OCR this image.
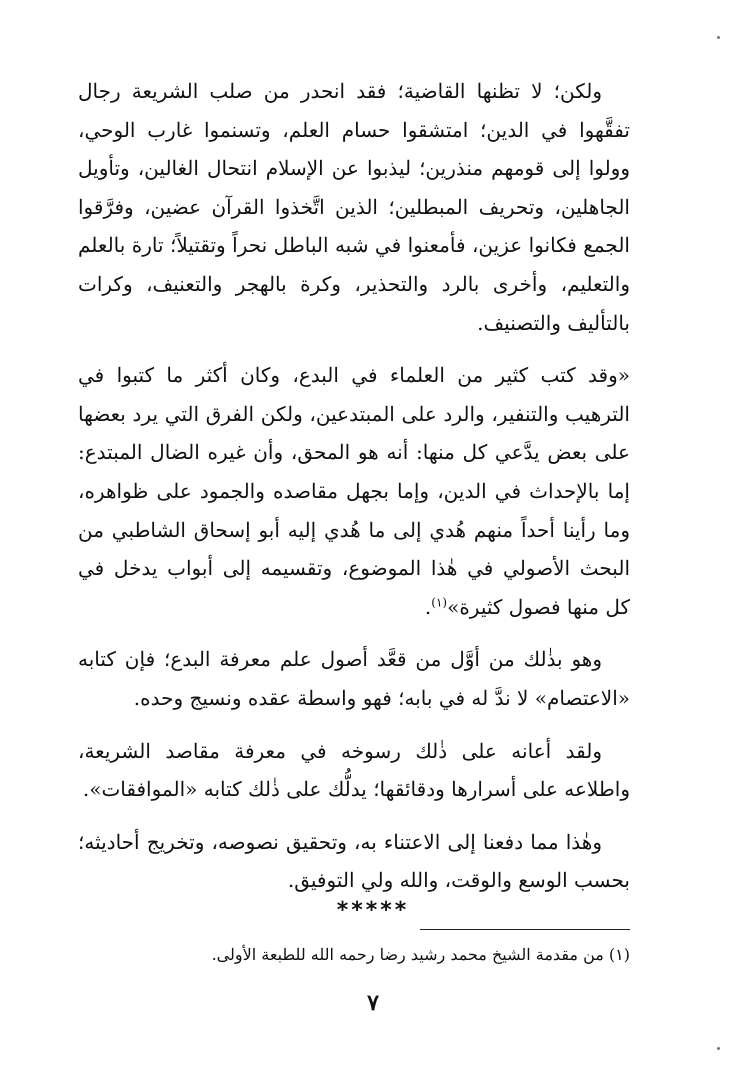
ولكن؛ لا تظنها القاضية؛ فقد انحدر من صلب الشريعة رجال تفقَّهوا في الدين؛ امتشقوا حسام العلم، وتسنموا غارب الوحي، وولوا إلى قومهم منذرين؛ ليذبوا عن الإسلام انتحال الغالين، وتأويل الجاهلين، وتحريف المبطلين؛ الذين اتَّخذوا القرآن عضين، وفرَّقوا الجمع فكانوا عزين، فأمعنوا في شبه الباطل نحراً وتقتيلاً؛ تارة بالعلم والتعليم، وأخرى بالرد والتحذير، وكرة بالهجر والتعنيف، وكرات بالتأليف والتصنيف.

«وقد كتب كثير من العلماء في البدع، وكان أكثر ما كتبوا في الترهيب والتنفير، والرد على المبتدعين، ولكن الفرق التي يرد بعضها على بعض يدَّعي كل منها: أنه هو المحق، وأن غيره الضال المبتدع: إما بالإحداث في الدين، وإما بجهل مقاصده والجمود على ظواهره، وما رأينا أحداً منهم هُدي إلى ما هُدي إليه أبو إسحاق الشاطبي من البحث الأصولي في هٰذا الموضوع، وتقسيمه إلى أبواب يدخل في كل منها فصول كثيرة»$^{(١)}$.

وهو بذٰلك من أوَّل من قعَّد أصول علم معرفة البدع؛ فإن كتابه «الاعتصام» لا ندَّ له في بابه؛ فهو واسطة عقده ونسيج وحده.

ولقد أعانه على ذٰلك رسوخه في معرفة مقاصد الشريعة، واطلاعه على أسرارها ودقائقها؛ يدلُّك على ذٰلك كتابه «الموافقات».

وهٰذا مما دفعنا إلى الاعتناء به، وتحقيق نصوصه، وتخريج أحاديثه؛ بحسب الوسع والوقت، والله ولي التوفيق.

*****
(١) من مقدمة الشيخ محمد رشيد رضا رحمه الله للطبعة الأولى.
٧
